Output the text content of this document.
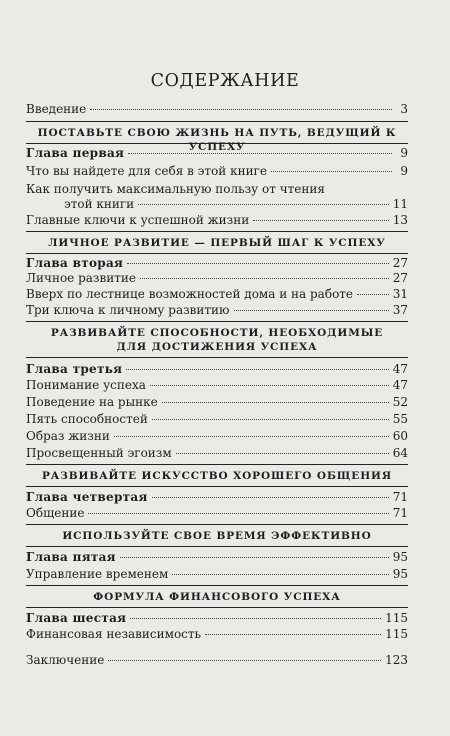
СОДЕРЖАНИЕ
Введение	3
ПОСТАВЬТЕ СВОЮ ЖИЗНЬ НА ПУТЬ, ВЕДУЩИЙ К УСПЕХУ
Глава первая	9
Что вы найдете для себя в этой книге	9
Как получить максимальную пользу от чтения
этой книги	11
Главные ключи к успешной жизни	13
ЛИЧНОЕ РАЗВИТИЕ — ПЕРВЫЙ ШАГ К УСПЕХУ
Глава вторая	27
Личное развитие	27
Вверх по лестнице возможностей дома и на работе	31
Три ключа к личному развитию	37
РАЗВИВАЙТЕ СПОСОБНОСТИ, НЕОБХОДИМЫЕ
ДЛЯ ДОСТИЖЕНИЯ УСПЕХА
Глава третья	47
Понимание успеха	47
Поведение на рынке	52
Пять способностей	55
Образ жизни	60
Просвещенный эгоизм	64
РАЗВИВАЙТЕ ИСКУССТВО ХОРОШЕГО ОБЩЕНИЯ
Глава четвертая	71
Общение	71
ИСПОЛЬЗУЙТЕ СВОЕ ВРЕМЯ ЭФФЕКТИВНО
Глава пятая	95
Управление временем	95
ФОРМУЛА ФИНАНСОВОГО УСПЕХА
Глава шестая	115
Финансовая независимость	115
Заключение	123
